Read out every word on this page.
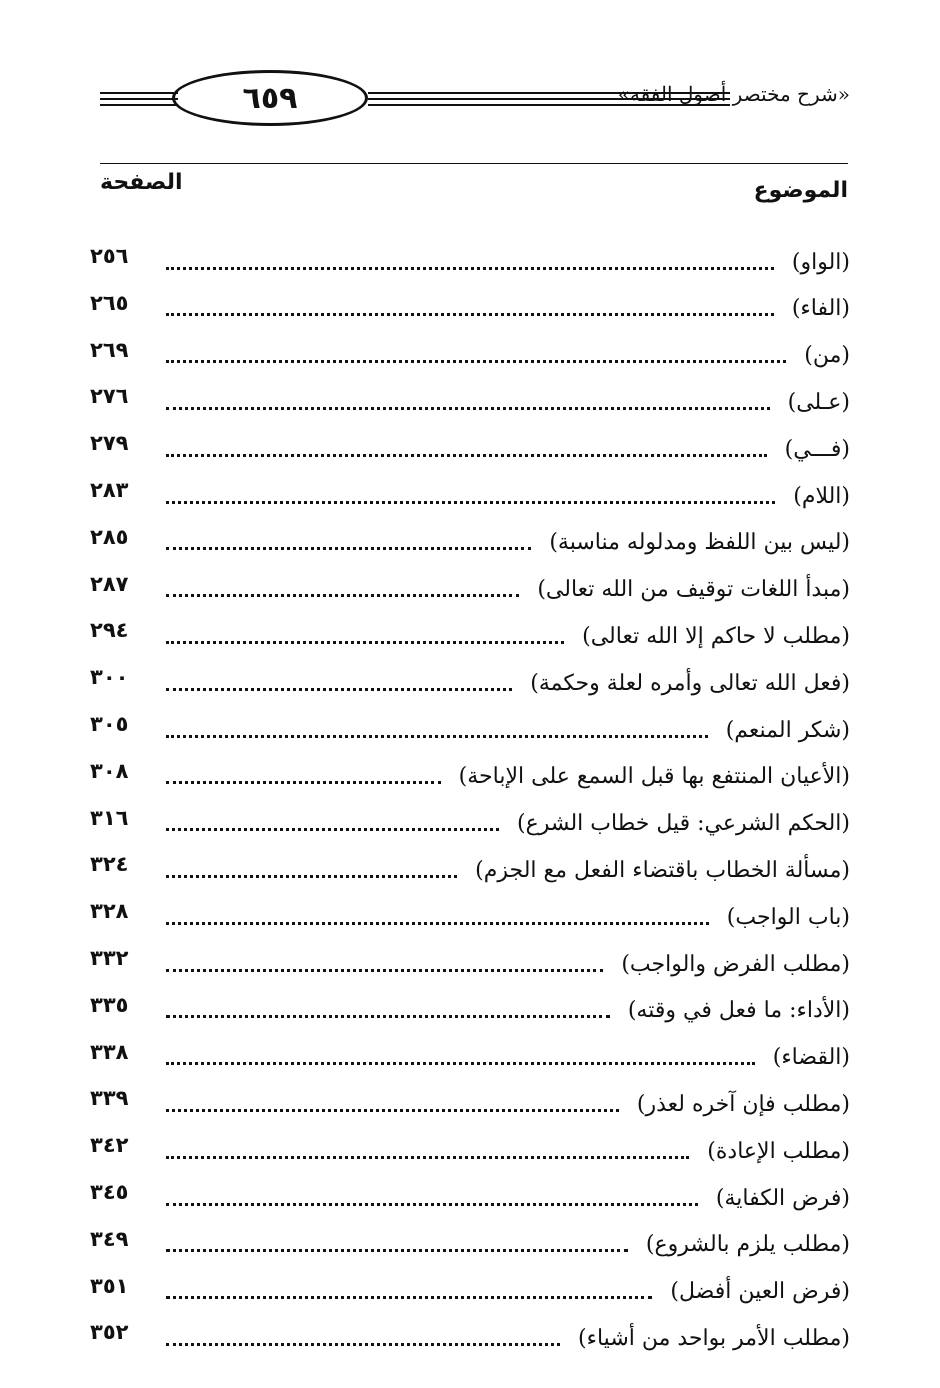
٦٥٩	«شرح مختصر أصول الفقه»
الموضوع
الصفحة
(الواو)
٢٥٦
(الفاء)
٢٦٥
(من)
٢٦٩
(عـلى)
٢٧٦
(فـــي)
٢٧٩
(اللام)
٢٨٣
(ليس بين اللفظ ومدلوله مناسبة)
٢٨٥
(مبدأ اللغات توقيف من الله تعالى)
٢٨٧
(مطلب لا حاكم إلا الله تعالى)
٢٩٤
(فعل الله تعالى وأمره لعلة وحكمة)
٣٠٠
(شكر المنعم)
٣٠٥
(الأعيان المنتفع بها قبل السمع على الإباحة)
٣٠٨
(الحكم الشرعي: قيل خطاب الشرع)
٣١٦
(مسألة الخطاب باقتضاء الفعل مع الجزم)
٣٢٤
(باب الواجب)
٣٢٨
(مطلب الفرض والواجب)
٣٣٢
(الأداء: ما فعل في وقته)
٣٣٥
(القضاء)
٣٣٨
(مطلب فإن آخره لعذر)
٣٣٩
(مطلب الإعادة)
٣٤٢
(فرض الكفاية)
٣٤٥
(مطلب يلزم بالشروع)
٣٤٩
(فرض العين أفضل)
٣٥١
(مطلب الأمر بواحد من أشياء)
٣٥٢
